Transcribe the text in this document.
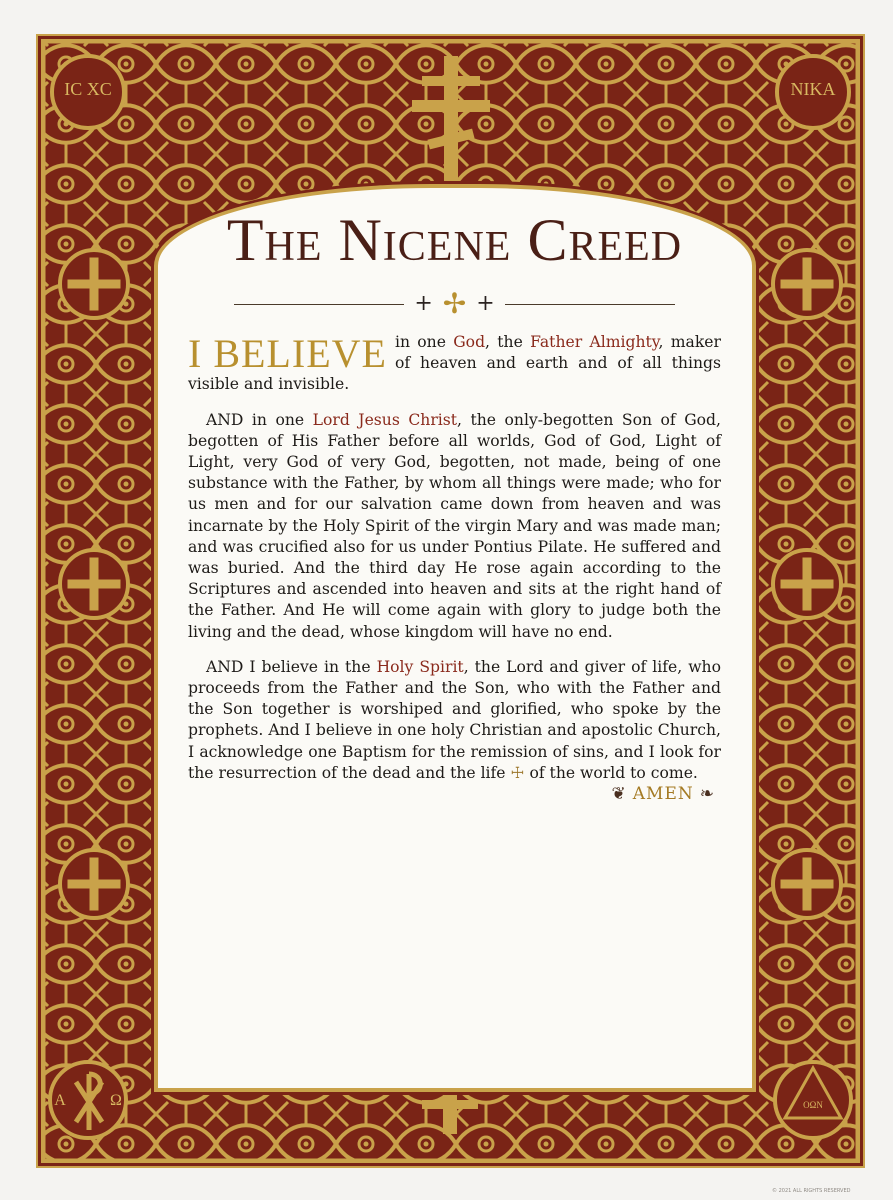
IC XC	NIKA
Α	Ω	ΟΩΝ
The Nicene Creed
+ ✢ +

I BELIEVE in one God, the Father Almighty, maker of heaven and earth and of all things visible and invisible.

AND in one Lord Jesus Christ, the only-begotten Son of God, begotten of His Father before all worlds, God of God, Light of Light, very God of very God, begotten, not made, being of one substance with the Father, by whom all things were made; who for us men and for our salvation came down from heaven and was incarnate by the Holy Spirit of the virgin Mary and was made man; and was crucified also for us under Pontius Pilate. He suffered and was buried. And the third day He rose again according to the Scriptures and ascended into heaven and sits at the right hand of the Father. And He will come again with glory to judge both the living and the dead, whose kingdom will have no end.

AND I believe in the Holy Spirit, the Lord and giver of life, who proceeds from the Father and the Son, who with the Father and the Son together is worshiped and glorified, who spoke by the prophets. And I believe in one holy Christian and apostolic Church, I acknowledge one Baptism for the remission of sins, and I look for the resurrection of the dead and the life ☩ of the world to come.
❦ AMEN ❧

© 2021 ALL RIGHTS RESERVED
